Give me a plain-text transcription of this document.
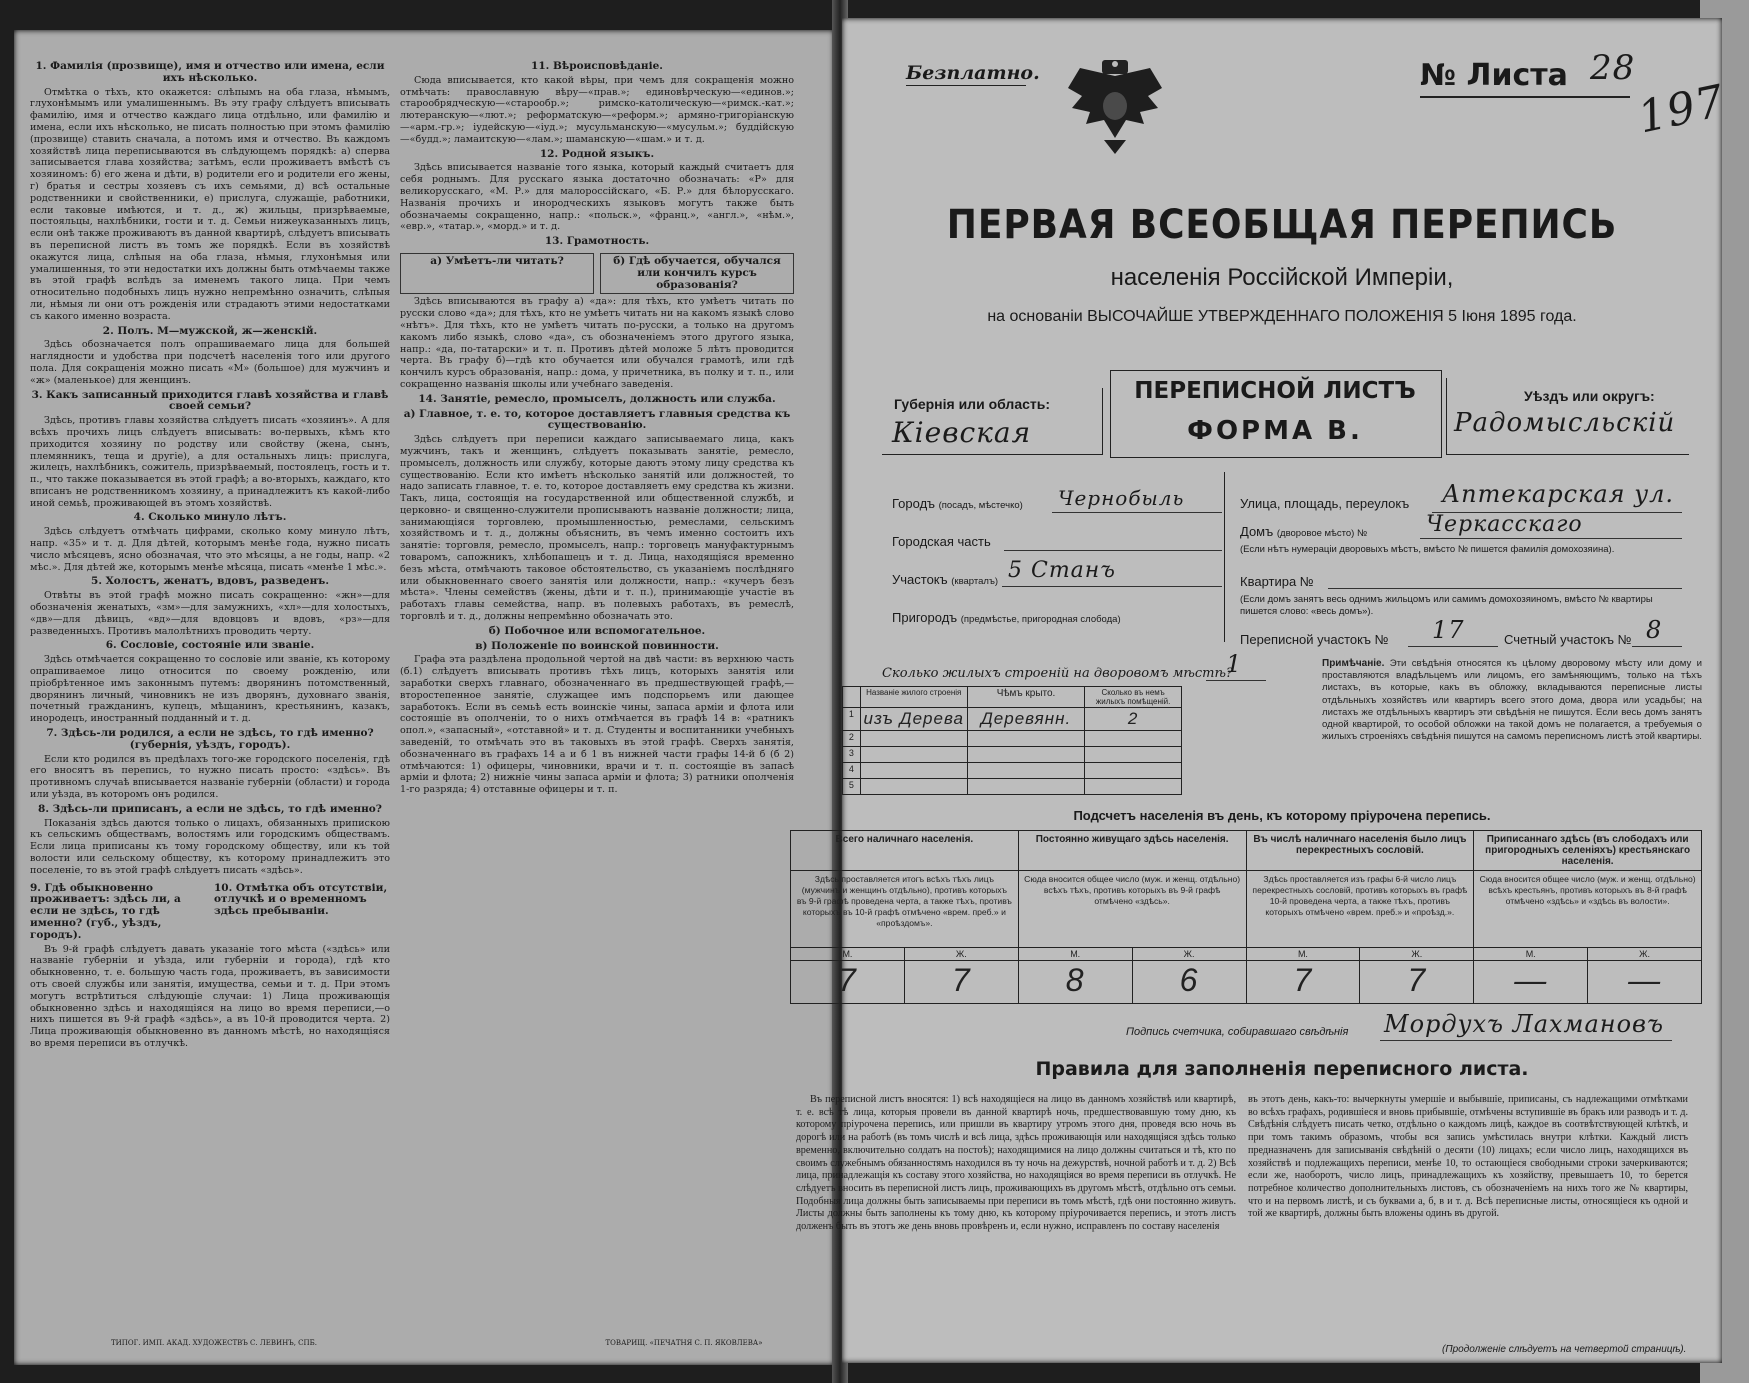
1. Фамилія (прозвище), имя и отчество или имена, если ихъ нѣсколько.

Отмѣтка о тѣхъ, кто окажется: слѣпымъ на оба глаза, нѣмымъ, глухонѣмымъ или умалишеннымъ. Въ эту графу слѣдуетъ вписывать фамилію, имя и отчество каждаго лица отдѣльно, или фамилію и имена, если ихъ нѣсколько, не писать полностью при этомъ фамилію (прозвище) ставить сначала, а потомъ имя и отчество. Въ каждомъ хозяйствѣ лица переписываются въ слѣдующемъ порядкѣ: а) сперва записывается глава хозяйства; затѣмъ, если проживаетъ вмѣстѣ съ хозяиномъ: б) его жена и дѣти, в) родители его и родители его жены, г) братья и сестры хозяевъ съ ихъ семьями, д) всѣ остальные родственники и свойственники, е) прислуга, служащіе, работники, если таковые имѣются, и т. д., ж) жильцы, призрѣваемые, постояльцы, нахлѣбники, гости и т. д. Семьи нижеуказанныхъ лицъ, если онѣ также проживаютъ въ данной квартирѣ, слѣдуетъ вписывать въ переписной листъ въ томъ же порядкѣ. Если въ хозяйствѣ окажутся лица, слѣпыя на оба глаза, нѣмыя, глухонѣмыя или умалишенныя, то эти недостатки ихъ должны быть отмѣчаемы также въ этой графѣ вслѣдъ за именемъ такого лица. При чемъ относительно подобныхъ лицъ нужно непремѣнно означить, слѣпыя ли, нѣмыя ли они отъ рожденія или страдаютъ этими недостатками съ какого именно возраста.

2. Полъ. М—мужской, ж—женскій.

Здѣсь обозначается полъ опрашиваемаго лица для большей наглядности и удобства при подсчетѣ населенія того или другого пола. Для сокращенія можно писать «М» (большое) для мужчинъ и «ж» (маленькое) для женщинъ.

3. Какъ записанный приходится главѣ хозяйства и главѣ своей семьи?

Здѣсь, противъ главы хозяйства слѣдуетъ писать «хозяинъ». А для всѣхъ прочихъ лицъ слѣдуетъ вписывать: во-первыхъ, кѣмъ кто приходится хозяину по родству или свойству (жена, сынъ, племянникъ, теща и другіе), а для остальныхъ лицъ: прислуга, жилецъ, нахлѣбникъ, сожитель, призрѣваемый, постоялецъ, гость и т. п., что также показывается въ этой графѣ; а во-вторыхъ, каждаго, кто вписанъ не родственникомъ хозяину, а принадлежитъ къ какой-либо иной семьѣ, проживающей въ этомъ хозяйствѣ.

4. Сколько минуло лѣтъ.

Здѣсь слѣдуетъ отмѣчать цифрами, сколько кому минуло лѣтъ, напр. «35» и т. д. Для дѣтей, которымъ менѣе года, нужно писать число мѣсяцевъ, ясно обозначая, что это мѣсяцы, а не годы, напр. «2 мѣс.». Для дѣтей же, которымъ менѣе мѣсяца, писать «менѣе 1 мѣс.».

5. Холостъ, женатъ, вдовъ, разведенъ.

Отвѣты въ этой графѣ можно писать сокращенно: «жн»—для обозначенія женатыхъ, «зм»—для замужнихъ, «хл»—для холостыхъ, «дв»—для дѣвицъ, «вд»—для вдовцовъ и вдовъ, «рз»—для разведенныхъ. Противъ малолѣтнихъ проводить черту.

6. Сословіе, состояніе или званіе.

Здѣсь отмѣчается сокращенно то сословіе или званіе, къ которому опрашиваемое лицо относится по своему рожденію, или пріобрѣтенное имъ законнымъ путемъ: дворянинъ потомственный, дворянинъ личный, чиновникъ не изъ дворянъ, духовнаго званія, почетный гражданинъ, купецъ, мѣщанинъ, крестьянинъ, казакъ, инородецъ, иностранный подданный и т. д.

7. Здѣсь-ли родился, а если не здѣсь, то гдѣ именно? (губернія, уѣздъ, городъ).

Если кто родился въ предѣлахъ того-же городского поселенія, гдѣ его вносятъ въ перепись, то нужно писать просто: «здѣсь». Въ противномъ случаѣ вписывается названіе губерніи (области) и города или уѣзда, въ которомъ онъ родился.

8. Здѣсь-ли приписанъ, а если не здѣсь, то гдѣ именно?

Показанія здѣсь даются только о лицахъ, обязанныхъ припискою къ сельскимъ обществамъ, волостямъ или городскимъ обществамъ. Если лица приписаны къ тому городскому обществу, или къ той волости или сельскому обществу, къ которому принадлежитъ это поселеніе, то въ этой графѣ слѣдуетъ писать «здѣсь».

9. Гдѣ обыкновенно проживаетъ: здѣсь ли, а если не здѣсь, то гдѣ именно? (губ., уѣздъ, городъ).
10. Отмѣтка объ отсутствіи, отлучкѣ и о временномъ здѣсь пребываніи.

Въ 9-й графѣ слѣдуетъ давать указаніе того мѣста («здѣсь» или названіе губерніи и уѣзда, или губерніи и города), гдѣ кто обыкновенно, т. е. большую часть года, проживаетъ, въ зависимости отъ своей службы или занятія, имущества, семьи и т. д. При этомъ могутъ встрѣтиться слѣдующіе случаи: 1) Лица проживающія обыкновенно здѣсь и находящіяся на лицо во время переписи,—о нихъ пишется въ 9-й графѣ «здѣсь», а въ 10-й проводится черта. 2) Лица проживающія обыкновенно въ данномъ мѣстѣ, но находящіяся во время переписи въ отлучкѣ.

ТИПОГ. ИМП. АКАД. ХУДОЖЕСТВЪ С. ЛЕВИНЪ, СПБ.
11. Вѣроисповѣданіе.

Сюда вписывается, кто какой вѣры, при чемъ для сокращенія можно отмѣчать: православную вѣру—«прав.»; единовѣрческую—«единов.»; старообрядческую—«старообр.»; римско-католическую—«римск.-кат.»; лютеранскую—«лют.»; реформатскую—«реформ.»; армяно-григоріанскую—«арм.-гр.»; іудейскую—«іуд.»; мусульманскую—«мусульм.»; буддійскую—«будд.»; ламаитскую—«лам.»; шаманскую—«шам.» и т. д.

12. Родной языкъ.

Здѣсь вписывается названіе того языка, который каждый считаетъ для себя роднымъ. Для русскаго языка достаточно обозначать: «Р» для великорусскаго, «М. Р.» для малороссійскаго, «Б. Р.» для бѣлорусскаго. Названія прочихъ и инородческихъ языковъ могутъ также быть обозначаемы сокращенно, напр.: «польск.», «франц.», «англ.», «нѣм.», «евр.», «татар.», «морд.» и т. д.

13. Грамотность.
а) Умѣетъ-ли читать?	б) Гдѣ обучается, обучался или кончилъ курсъ образованія?

Здѣсь вписываются въ графу а) «да»: для тѣхъ, кто умѣетъ читать по русски слово «да»; для тѣхъ, кто не умѣетъ читать ни на какомъ языкѣ слово «нѣтъ». Для тѣхъ, кто не умѣетъ читать по-русски, а только на другомъ какомъ либо языкѣ, слово «да», съ обозначеніемъ этого другого языка, напр.: «да, по-татарски» и т. п. Противъ дѣтей моложе 5 лѣтъ проводится черта. Въ графу б)—гдѣ кто обучается или обучался грамотѣ, или гдѣ кончилъ курсъ образованія, напр.: дома, у причетника, въ полку и т. п., или сокращенно названія школы или учебнаго заведенія.

14. Занятіе, ремесло, промыселъ, должность или служба.
а) Главное, т. е. то, которое доставляетъ главныя средства къ существованію.

Здѣсь слѣдуетъ при переписи каждаго записываемаго лица, какъ мужчинъ, такъ и женщинъ, слѣдуетъ показывать занятіе, ремесло, промыселъ, должность или службу, которые даютъ этому лицу средства къ существованію. Если кто имѣетъ нѣсколько занятій или должностей, то надо записать главное, т. е. то, которое доставляетъ ему средства къ жизни. Такъ, лица, состоящія на государственной или общественной службѣ, и церковно- и священно-служители прописываютъ названіе должности; лица, занимающіяся торговлею, промышленностью, ремеслами, сельскимъ хозяйствомъ и т. д., должны объяснить, въ чемъ именно состоитъ ихъ занятіе: торговля, ремесло, промыселъ, напр.: торговецъ мануфактурнымъ товаромъ, сапожникъ, хлѣбопашецъ и т. д. Лица, находящіяся временно безъ мѣста, отмѣчаютъ таковое обстоятельство, съ указаніемъ послѣдняго или обыкновеннаго своего занятія или должности, напр.: «кучеръ безъ мѣста». Члены семействъ (жены, дѣти и т. п.), принимающіе участіе въ работахъ главы семейства, напр. въ полевыхъ работахъ, въ ремеслѣ, торговлѣ и т. д., должны непремѣнно обозначать это.

б) Побочное или вспомогательное.
в) Положеніе по воинской повинности.

Графа эта раздѣлена продольной чертой на двѣ части: въ верхнюю часть (б.1) слѣдуетъ вписывать противъ тѣхъ лицъ, которыхъ занятія или заработки сверхъ главнаго, обозначеннаго въ предшествующей графѣ,—второстепенное занятіе, служащее имъ подспорьемъ или дающее заработокъ. Если въ семьѣ есть воинскіе чины, запаса арміи и флота или состоящіе въ ополченіи, то о нихъ отмѣчается въ графѣ 14 в: «ратникъ опол.», «запасный», «отставной» и т. д. Студенты и воспитанники учебныхъ заведеній, то отмѣчать это въ таковыхъ въ этой графѣ. Сверхъ занятія, обозначеннаго въ графахъ 14 а и б 1 въ нижней части графы 14-й б (б 2) отмѣчаются: 1) офицеры, чиновники, врачи и т. п. состоящіе въ запасѣ арміи и флота; 2) нижніе чины запаса арміи и флота; 3) ратники ополченія 1-го разряда; 4) отставные офицеры и т. п.

ТОВАРИЩ. «ПЕЧАТНЯ С. П. ЯКОВЛЕВА»
Безплатно.	№ Листа 28
197
ПЕРВАЯ ВСЕОБЩАЯ ПЕРЕПИСЬ
населенія Россійской Имперіи,
на основаніи ВЫСОЧАЙШЕ УТВЕРЖДЕННАГО ПОЛОЖЕНІЯ 5 Іюня 1895 года.
Губернія или область:
Кіевская
ПЕРЕПИСНОЙ ЛИСТЪ
ФОРМА В.
Уѣздъ или округъ:
Радомысльскій
Городъ (посадъ, мѣстечко) Чернобыль
Городская часть
Участокъ (кварталъ) 5 Станъ
Пригородъ (предмѣстье, пригородная слобода)
Улица, площадь, переулокъ Аптекарская ул.
Домъ (дворовое мѣсто) №	Черкасскаго
(Если нѣтъ нумераціи дворовыхъ мѣстъ, вмѣсто № пишется фамилія домохозяина).
Квартира №
(Если домъ занятъ весь однимъ жильцомъ или самимъ домохозяиномъ, вмѣсто № квартиры пишется слово: «весь домъ»).
Переписной участокъ № 17	Счетный участокъ № 8
Сколько жилыхъ строеній на дворовомъ мѣстѣ?
1
	Названіе жилого строенія	Чѣмъ крыто.	Сколько въ немъ жилыхъ помѣщеній.
1	изъ Дерева	Деревянн.	2
2			
3			
4			
5			
Примѣчаніе. Эти свѣдѣнія относятся къ цѣлому дворовому мѣсту или дому и проставляются владѣльцемъ или лицомъ, его замѣняющимъ, только на тѣхъ листахъ, въ которые, какъ въ обложку, вкладываются переписные листы отдѣльныхъ хозяйствъ или квартиръ всего этого дома, двора или усадьбы; на листахъ же отдѣльныхъ квартиръ эти свѣдѣнія не пишутся. Если весь домъ занятъ одной квартирой, то особой обложки на такой домъ не полагается, а требуемыя о жилыхъ строеніяхъ свѣдѣнія пишутся на самомъ переписномъ листѣ этой квартиры.
Подсчетъ населенія въ день, къ которому пріурочена перепись.
Всего наличнаго населенія.		Постоянно живущаго здѣсь населенія.		Въ числѣ наличнаго населенія было лицъ перекрестныхъ сословій.		Приписаннаго здѣсь (въ слободахъ или пригородныхъ селеніяхъ) крестьянскаго населенія.	
Здѣсь проставляется итогъ всѣхъ тѣхъ лицъ (мужчинъ и женщинъ отдѣльно), противъ которыхъ въ 9-й графѣ проведена черта, а также тѣхъ, противъ которыхъ въ 10-й графѣ отмѣчено «врем. преб.» и «проѣздомъ».		Сюда вносится общее число (муж. и женщ. отдѣльно) всѣхъ тѣхъ, противъ которыхъ въ 9-й графѣ отмѣчено «здѣсь».		Здѣсь проставляется изъ графы 6-й число лицъ перекрестныхъ сословій, противъ которыхъ въ графѣ 10-й проведена черта, а также тѣхъ, противъ которыхъ отмѣчено «врем. преб.» и «проѣзд.».		Сюда вносится общее число (муж. и женщ. отдѣльно) всѣхъ крестьянъ, противъ которыхъ въ 8-й графѣ отмѣчено «здѣсь» и «здѣсь въ волости».	
М.	Ж.	М.	Ж.	М.	Ж.	М.	Ж.
7	7	8	6	7	7	—	—
Подпись счетчика, собиравшаго свѣдѣнія Мордухъ Лахмановъ
Правила для заполненія переписного листа.
Въ переписной листъ вносятся: 1) всѣ находящіеся на лицо въ данномъ хозяйствѣ или квартирѣ, т. е. всѣ тѣ лица, которыя провели въ данной квартирѣ ночь, предшествовавшую тому дню, къ которому пріурочена перепись, или пришли въ квартиру утромъ этого дня, проведя всю ночь въ дорогѣ или на работѣ (въ томъ числѣ и всѣ лица, здѣсь проживающія или находящіяся здѣсь только временно, включительно солдатъ на постоѣ); находящимися на лицо должны считаться и тѣ, кто по своимъ служебнымъ обязанностямъ находился въ ту ночь на дежурствѣ, ночной работѣ и т. д. 2) Всѣ лица, принадлежащія къ составу этого хозяйства, но находящіяся во время переписи въ отлучкѣ. Не слѣдуетъ вносить въ переписной листъ лицъ, проживающихъ въ другомъ мѣстѣ, отдѣльно отъ семьи. Подобныя лица должны быть записываемы при переписи въ томъ мѣстѣ, гдѣ они постоянно живутъ. Листы должны быть заполнены къ тому дню, къ которому пріурочивается перепись, и этотъ листъ долженъ быть въ этотъ же день вновь провѣренъ и, если нужно, исправленъ по составу населенія
въ этотъ день, какъ-то: вычеркнуты умершіе и выбывшіе, приписаны, съ надлежащими отмѣтками во всѣхъ графахъ, родившіеся и вновь прибывшіе, отмѣчены вступившіе въ бракъ или разводъ и т. д. Свѣдѣнія слѣдуетъ писать четко, отдѣльно о каждомъ лицѣ, каждое въ соотвѣтствующей клѣткѣ, и при томъ такимъ образомъ, чтобы вся запись умѣстилась внутри клѣтки. Каждый листъ предназначенъ для записыванія свѣдѣній о десяти (10) лицахъ; если число лицъ, находящихся въ хозяйствѣ и подлежащихъ переписи, менѣе 10, то остающіеся свободными строки зачеркиваются; если же, наоборотъ, число лицъ, принадлежащихъ къ хозяйству, превышаетъ 10, то берется потребное количество дополнительныхъ листовъ, съ обозначеніемъ на нихъ того же № квартиры, что и на первомъ листѣ, и съ буквами а, б, в и т. д. Всѣ переписные листы, относящіеся къ одной и той же квартирѣ, должны быть вложены одинъ въ другой.
(Продолженіе слѣдуетъ на четвертой страницѣ).
